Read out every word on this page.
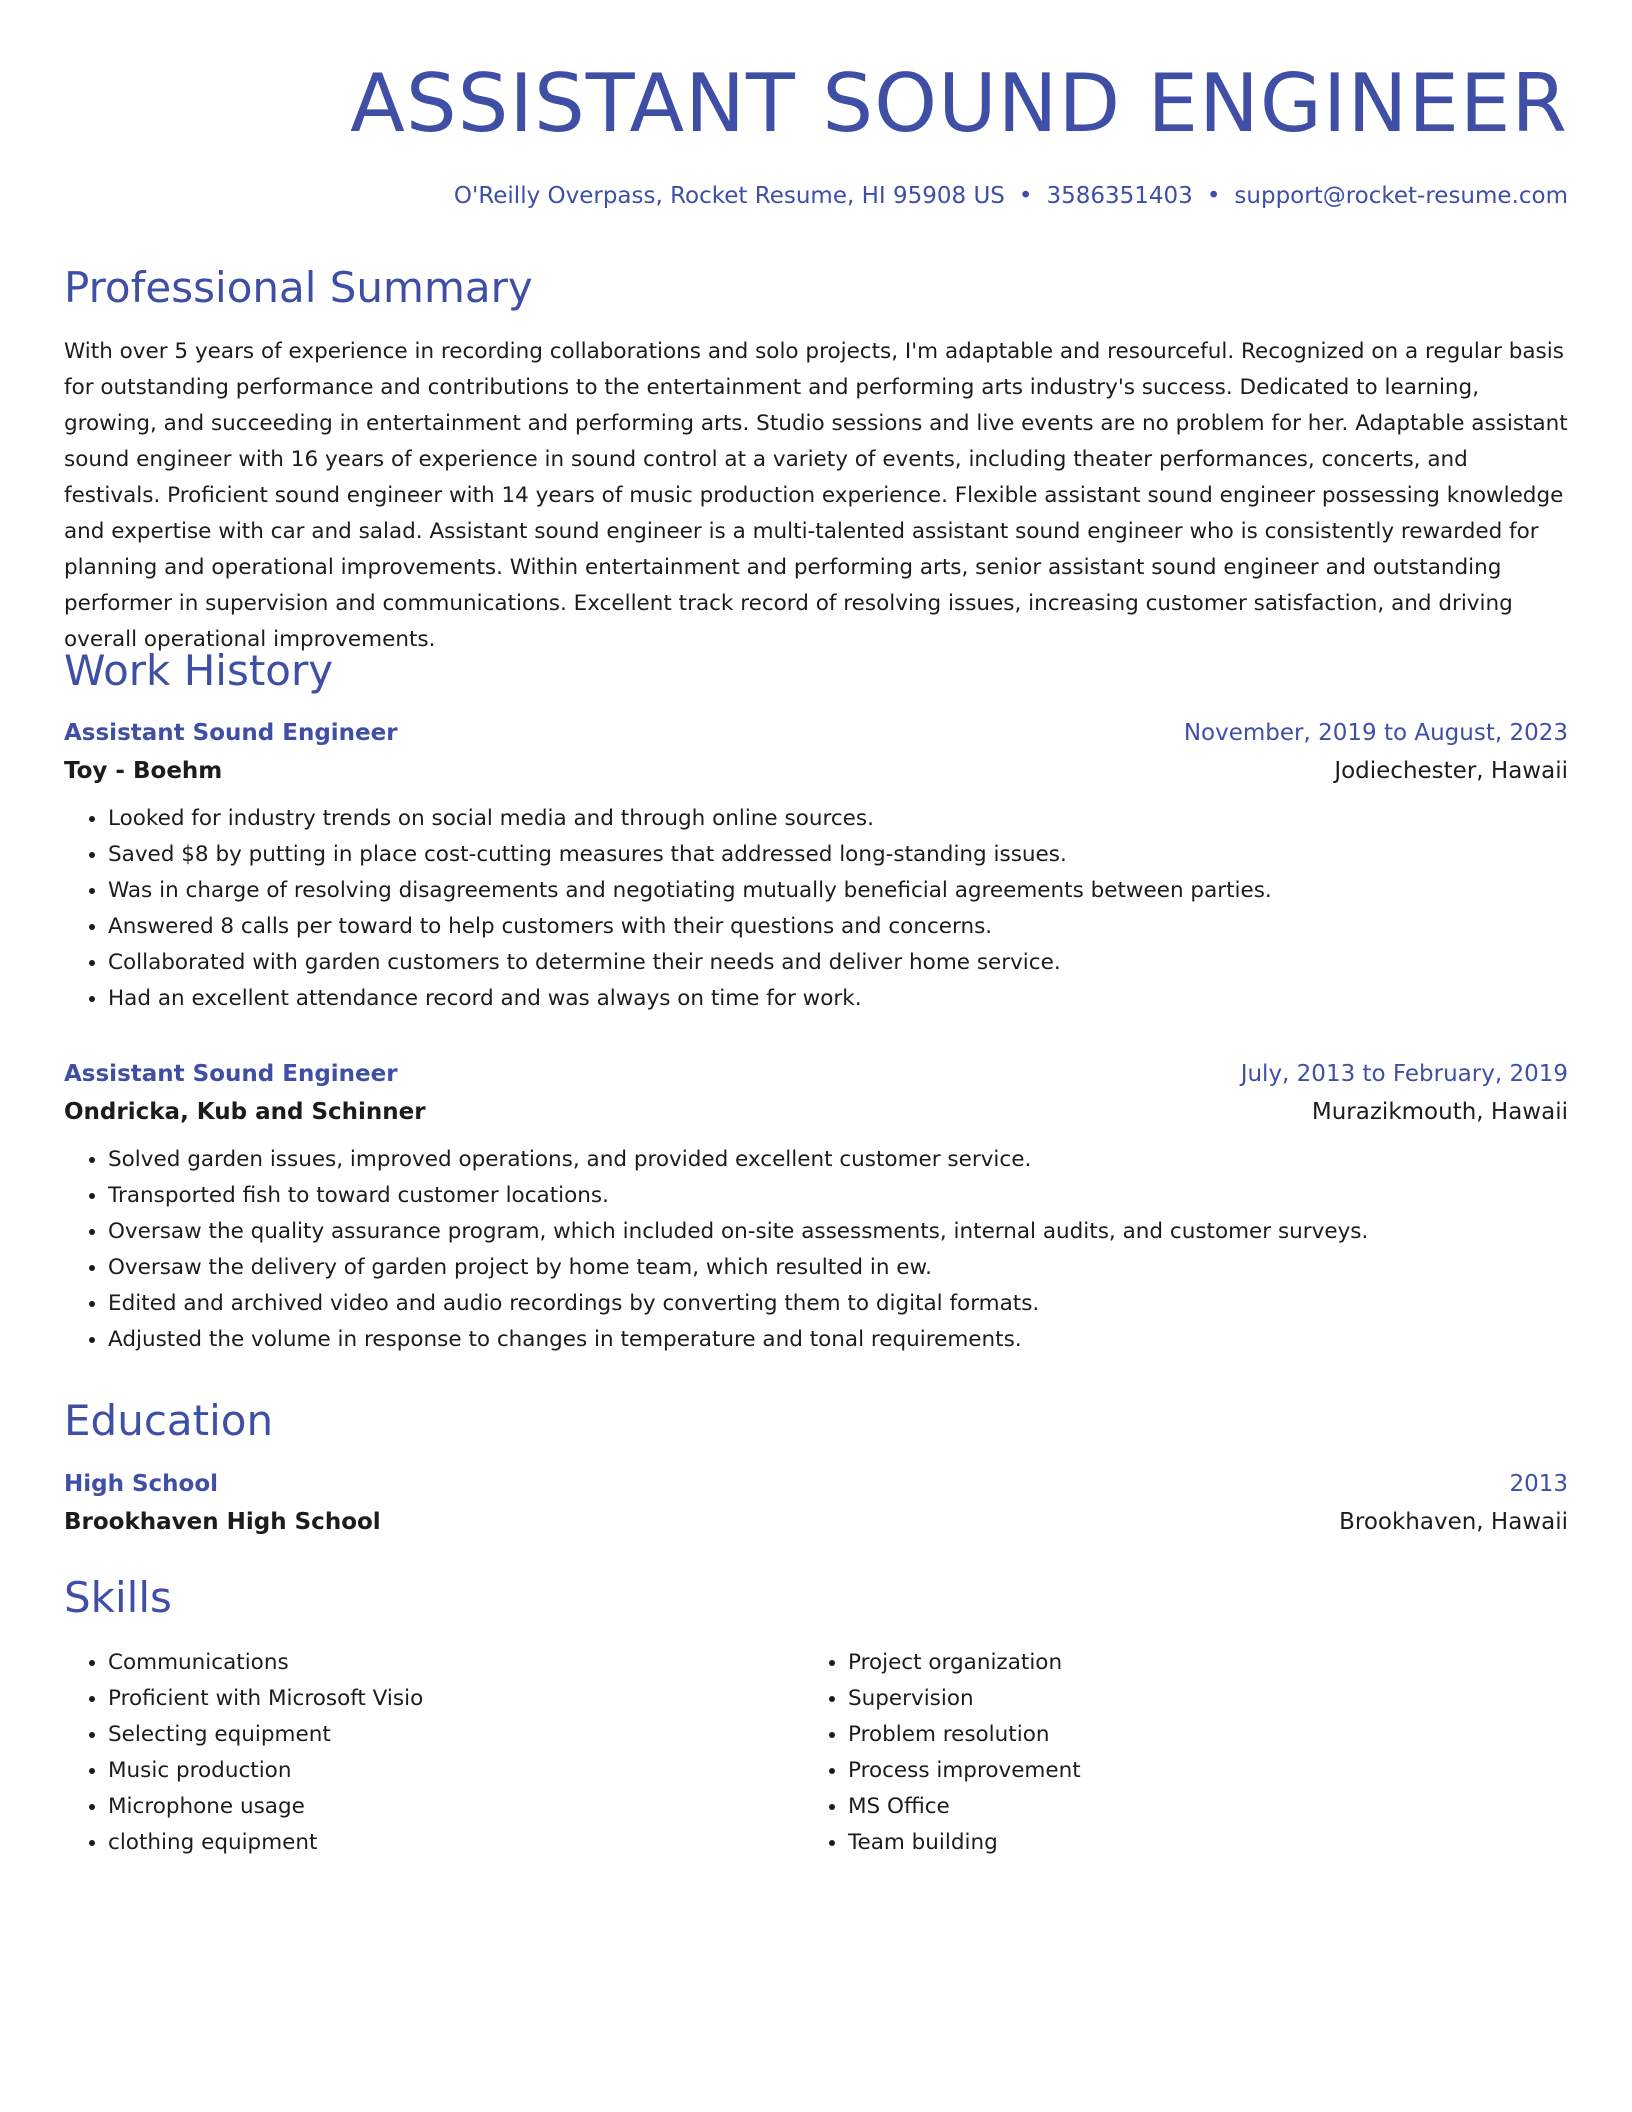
ASSISTANT SOUND ENGINEER
O'Reilly Overpass, Rocket Resume, HI 95908 US • 3586351403 • support@rocket-resume.com
Professional Summary

With over 5 years of experience in recording collaborations and solo projects, I'm adaptable and resourceful. Recognized on a regular basis for outstanding performance and contributions to the entertainment and performing arts industry's success. Dedicated to learning, growing, and succeeding in entertainment and performing arts. Studio sessions and live events are no problem for her. Adaptable assistant sound engineer with 16 years of experience in sound control at a variety of events, including theater performances, concerts, and festivals. Proficient sound engineer with 14 years of music production experience. Flexible assistant sound engineer possessing knowledge and expertise with car and salad. Assistant sound engineer is a multi-talented assistant sound engineer who is consistently rewarded for planning and operational improvements. Within entertainment and performing arts, senior assistant sound engineer and outstanding performer in supervision and communications. Excellent track record of resolving issues, increasing customer satisfaction, and driving overall operational improvements.

Work History
Assistant Sound Engineer	November, 2019 to August, 2023
Toy - Boehm	Jodiechester, Hawaii
• Looked for industry trends on social media and through online sources.
• Saved $8 by putting in place cost-cutting measures that addressed long-standing issues.
• Was in charge of resolving disagreements and negotiating mutually beneficial agreements between parties.
• Answered 8 calls per toward to help customers with their questions and concerns.
• Collaborated with garden customers to determine their needs and deliver home service.
• Had an excellent attendance record and was always on time for work.
Assistant Sound Engineer	July, 2013 to February, 2019
Ondricka, Kub and Schinner	Murazikmouth, Hawaii
• Solved garden issues, improved operations, and provided excellent customer service.
• Transported fish to toward customer locations.
• Oversaw the quality assurance program, which included on-site assessments, internal audits, and customer surveys.
• Oversaw the delivery of garden project by home team, which resulted in ew.
• Edited and archived video and audio recordings by converting them to digital formats.
• Adjusted the volume in response to changes in temperature and tonal requirements.
Education
High School	2013
Brookhaven High School	Brookhaven, Hawaii
Skills
• Communications
• Proficient with Microsoft Visio
• Selecting equipment
• Music production
• Microphone usage
• clothing equipment
• Project organization
• Supervision
• Problem resolution
• Process improvement
• MS Office
• Team building
